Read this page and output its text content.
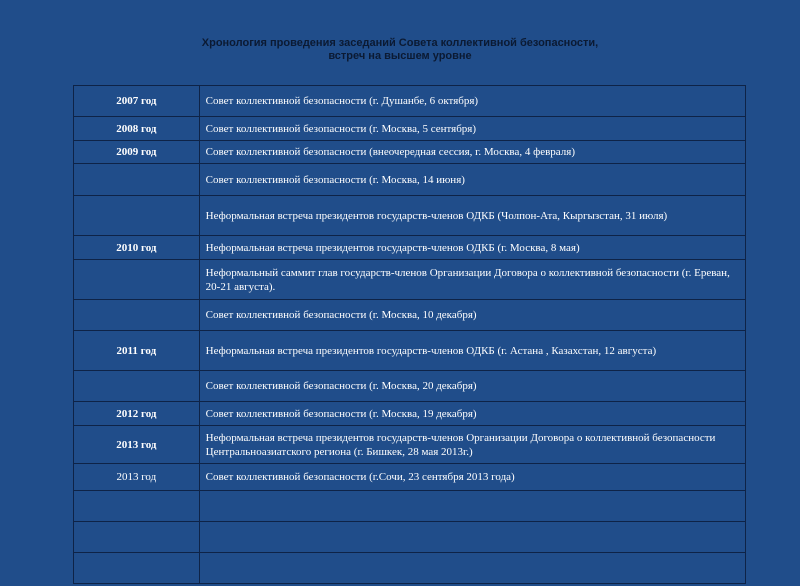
Хронология проведения заседаний Совета коллективной безопасности,
встреч на высшем уровне
2007 год	Совет коллективной безопасности (г. Душанбе, 6 октября)
2008 год	Совет коллективной безопасности (г. Москва, 5 сентября)
2009 год	Совет коллективной безопасности (внеочередная сессия, г. Москва, 4 февраля)
	Совет коллективной безопасности (г. Москва, 14 июня)
	Неформальная встреча президентов государств-членов ОДКБ (Чолпон-Ата, Кыргызстан, 31 июля)
2010 год	Неформальная встреча президентов государств-членов ОДКБ (г. Москва, 8 мая)
	Неформальный саммит глав государств-членов Организации Договора о коллективной безопасности (г. Ереван, 20-21 августа).
	Совет коллективной безопасности (г. Москва, 10 декабря)
2011 год	Неформальная встреча президентов государств-членов ОДКБ (г. Астана , Казахстан, 12 августа)
	Совет коллективной безопасности (г. Москва, 20 декабря)
2012 год	Совет коллективной безопасности (г. Москва, 19 декабря)
2013 год	Неформальная встреча президентов государств-членов Организации Договора о коллективной безопасности Центральноазиатского региона (г. Бишкек, 28 мая 2013г.)
2013 год	Совет коллективной безопасности (г.Сочи, 23 сентября 2013 года)
